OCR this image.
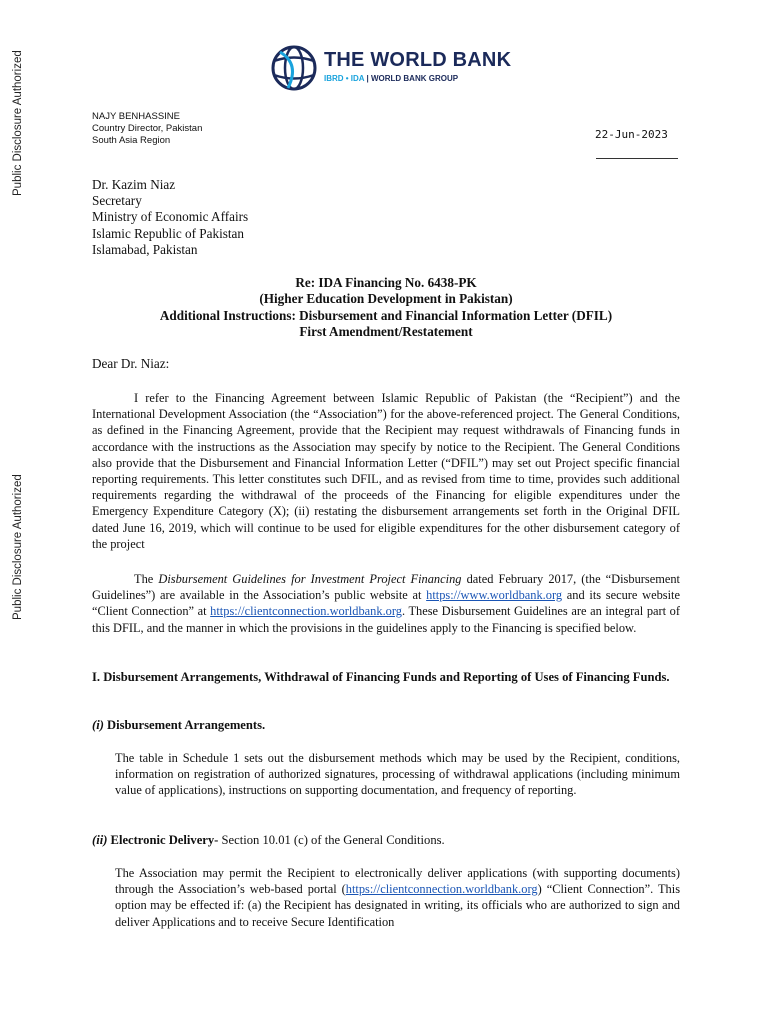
Public Disclosure Authorized
Public Disclosure Authorized
THE WORLD BANK
IBRD • IDA | WORLD BANK GROUP
NAJY BENHASSINE
Country Director, Pakistan
South Asia Region	22-Jun-2023
Dr. Kazim Niaz
Secretary
Ministry of Economic Affairs
Islamic Republic of Pakistan
Islamabad, Pakistan
Re: IDA Financing No. 6438-PK
(Higher Education Development in Pakistan)
Additional Instructions: Disbursement and Financial Information Letter (DFIL)
First Amendment/Restatement
Dear Dr. Niaz:
I refer to the Financing Agreement between Islamic Republic of Pakistan (the “Recipient”) and the International Development Association (the “Association”) for the above-referenced project. The General Conditions, as defined in the Financing Agreement, provide that the Recipient may request withdrawals of Financing funds in accordance with the instructions as the Association may specify by notice to the Recipient. The General Conditions also provide that the Disbursement and Financial Information Letter (“DFIL”) may set out Project specific financial reporting requirements. This letter constitutes such DFIL, and as revised from time to time, provides such additional requirements regarding the withdrawal of the proceeds of the Financing for eligible expenditures under the Emergency Expenditure Category (X); (ii) restating the disbursement arrangements set forth in the Original DFIL dated June 16, 2019, which will continue to be used for eligible expenditures for the other disbursement category of the project
The Disbursement Guidelines for Investment Project Financing dated February 2017, (the “Disbursement Guidelines”) are available in the Association’s public website at https://www.worldbank.org and its secure website “Client Connection” at https://clientconnection.worldbank.org. These Disbursement Guidelines are an integral part of this DFIL, and the manner in which the provisions in the guidelines apply to the Financing is specified below.
I. Disbursement Arrangements, Withdrawal of Financing Funds and Reporting of Uses of Financing Funds.
(i) Disbursement Arrangements.
The table in Schedule 1 sets out the disbursement methods which may be used by the Recipient, conditions, information on registration of authorized signatures, processing of withdrawal applications (including minimum value of applications), instructions on supporting documentation, and frequency of reporting.
(ii) Electronic Delivery- Section 10.01 (c) of the General Conditions.
The Association may permit the Recipient to electronically deliver applications (with supporting documents) through the Association’s web-based portal (https://clientconnection.worldbank.org) “Client Connection”. This option may be effected if: (a) the Recipient has designated in writing, its officials who are authorized to sign and deliver Applications and to receive Secure Identification
